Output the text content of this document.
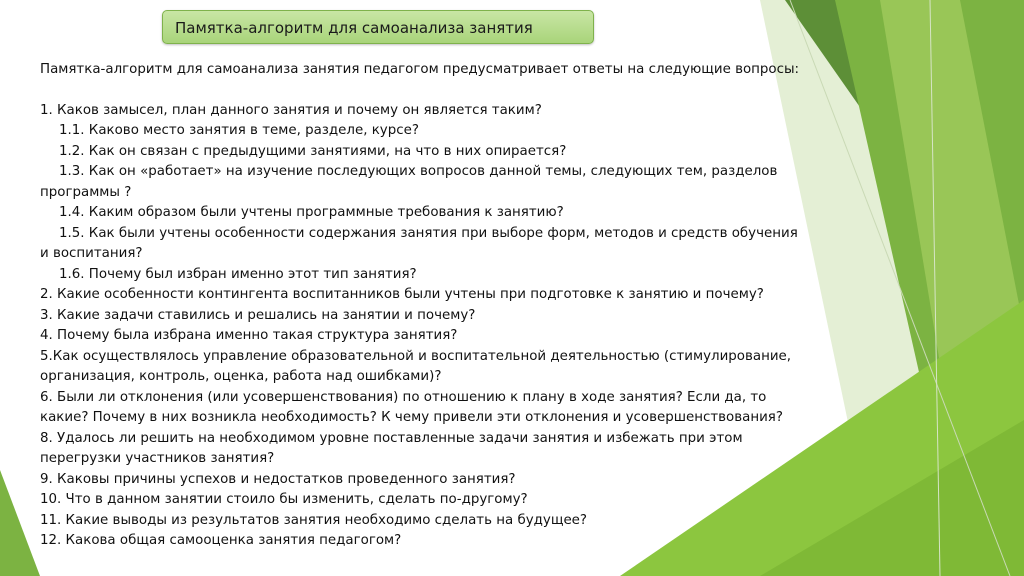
Памятка-алгоритм для самоанализа занятия

Памятка-алгоритм для самоанализа занятия педагогом предусматривает ответы на следующие вопросы:

1. Каков замысел, план данного занятия и почему он является таким?

1.1. Каково место занятия в теме, разделе, курсе?

1.2. Как он связан с предыдущими занятиями, на что в них опирается?

1.3. Как он «работает» на изучение последующих вопросов данной темы, следующих тем, разделов

программы ?

1.4. Каким образом были учтены программные требования к занятию?

1.5. Как были учтены особенности содержания занятия при выборе форм, методов и средств обучения

и воспитания?

1.6. Почему был избран именно этот тип занятия?

2. Какие особенности контингента воспитанников были учтены при подготовке к занятию и почему?

3. Какие задачи ставились и решались на занятии и почему?

4. Почему была избрана именно такая структура занятия?

5.Как осуществлялось управление образовательной и воспитательной деятельностью (стимулирование,

организация, контроль, оценка, работа над ошибками)?

6. Были ли отклонения (или усовершенствования) по отношению к плану в ходе занятия? Если да, то

какие? Почему в них возникла необходимость? К чему привели эти отклонения и усовершенствования?

8. Удалось ли решить на необходимом уровне поставленные задачи занятия и избежать при этом

перегрузки участников занятия?

9. Каковы причины успехов и недостатков проведенного занятия?

10. Что в данном занятии стоило бы изменить, сделать по-другому?

11. Какие выводы из результатов занятия необходимо сделать на будущее?

12. Какова общая самооценка занятия педагогом?
